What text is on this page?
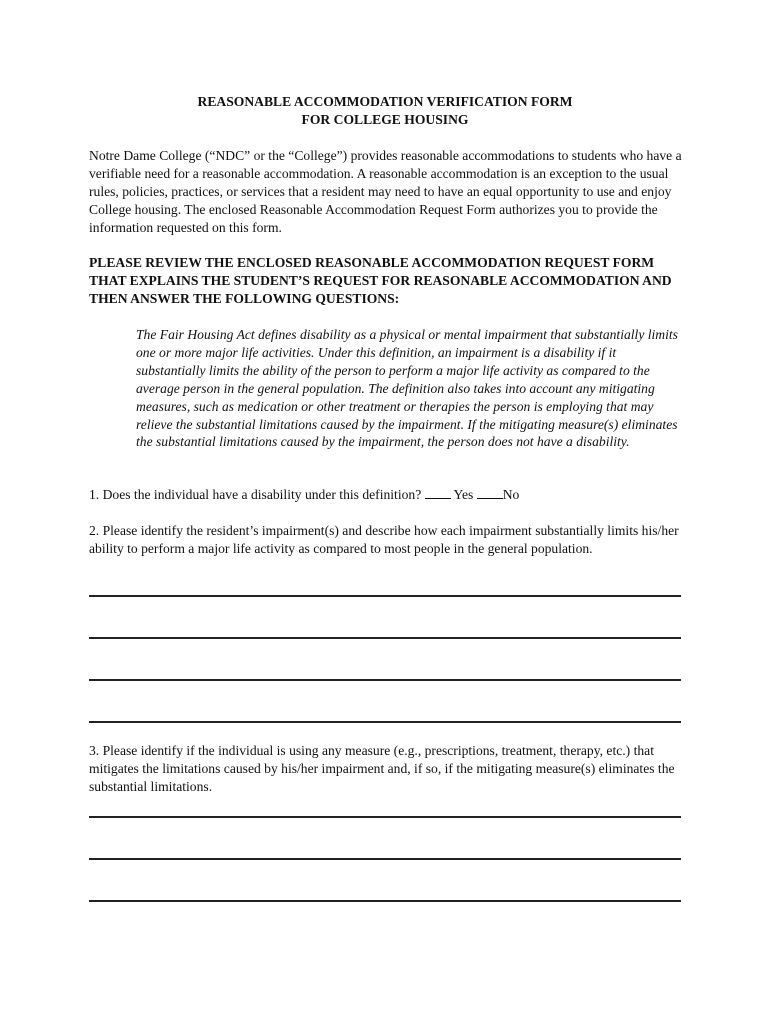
REASONABLE ACCOMMODATION VERIFICATION FORM
FOR COLLEGE HOUSING
Notre Dame College (“NDC” or the “College”) provides reasonable accommodations to students who have a verifiable need for a reasonable accommodation. A reasonable accommodation is an exception to the usual rules, policies, practices, or services that a resident may need to have an equal opportunity to use and enjoy College housing. The enclosed Reasonable Accommodation Request Form authorizes you to provide the information requested on this form.
PLEASE REVIEW THE ENCLOSED REASONABLE ACCOMMODATION REQUEST FORM THAT EXPLAINS THE STUDENT’S REQUEST FOR REASONABLE ACCOMMODATION AND THEN ANSWER THE FOLLOWING QUESTIONS:
The Fair Housing Act defines disability as a physical or mental impairment that substantially limits one or more major life activities. Under this definition, an impairment is a disability if it substantially limits the ability of the person to perform a major life activity as compared to the average person in the general population. The definition also takes into account any mitigating measures, such as medication or other treatment or therapies the person is employing that may relieve the substantial limitations caused by the impairment. If the mitigating measure(s) eliminates the substantial limitations caused by the impairment, the person does not have a disability.
1. Does the individual have a disability under this definition? Yes No
2. Please identify the resident’s impairment(s) and describe how each impairment substantially limits his/her ability to perform a major life activity as compared to most people in the general population.
3. Please identify if the individual is using any measure (e.g., prescriptions, treatment, therapy, etc.) that mitigates the limitations caused by his/her impairment and, if so, if the mitigating measure(s) eliminates the substantial limitations.
